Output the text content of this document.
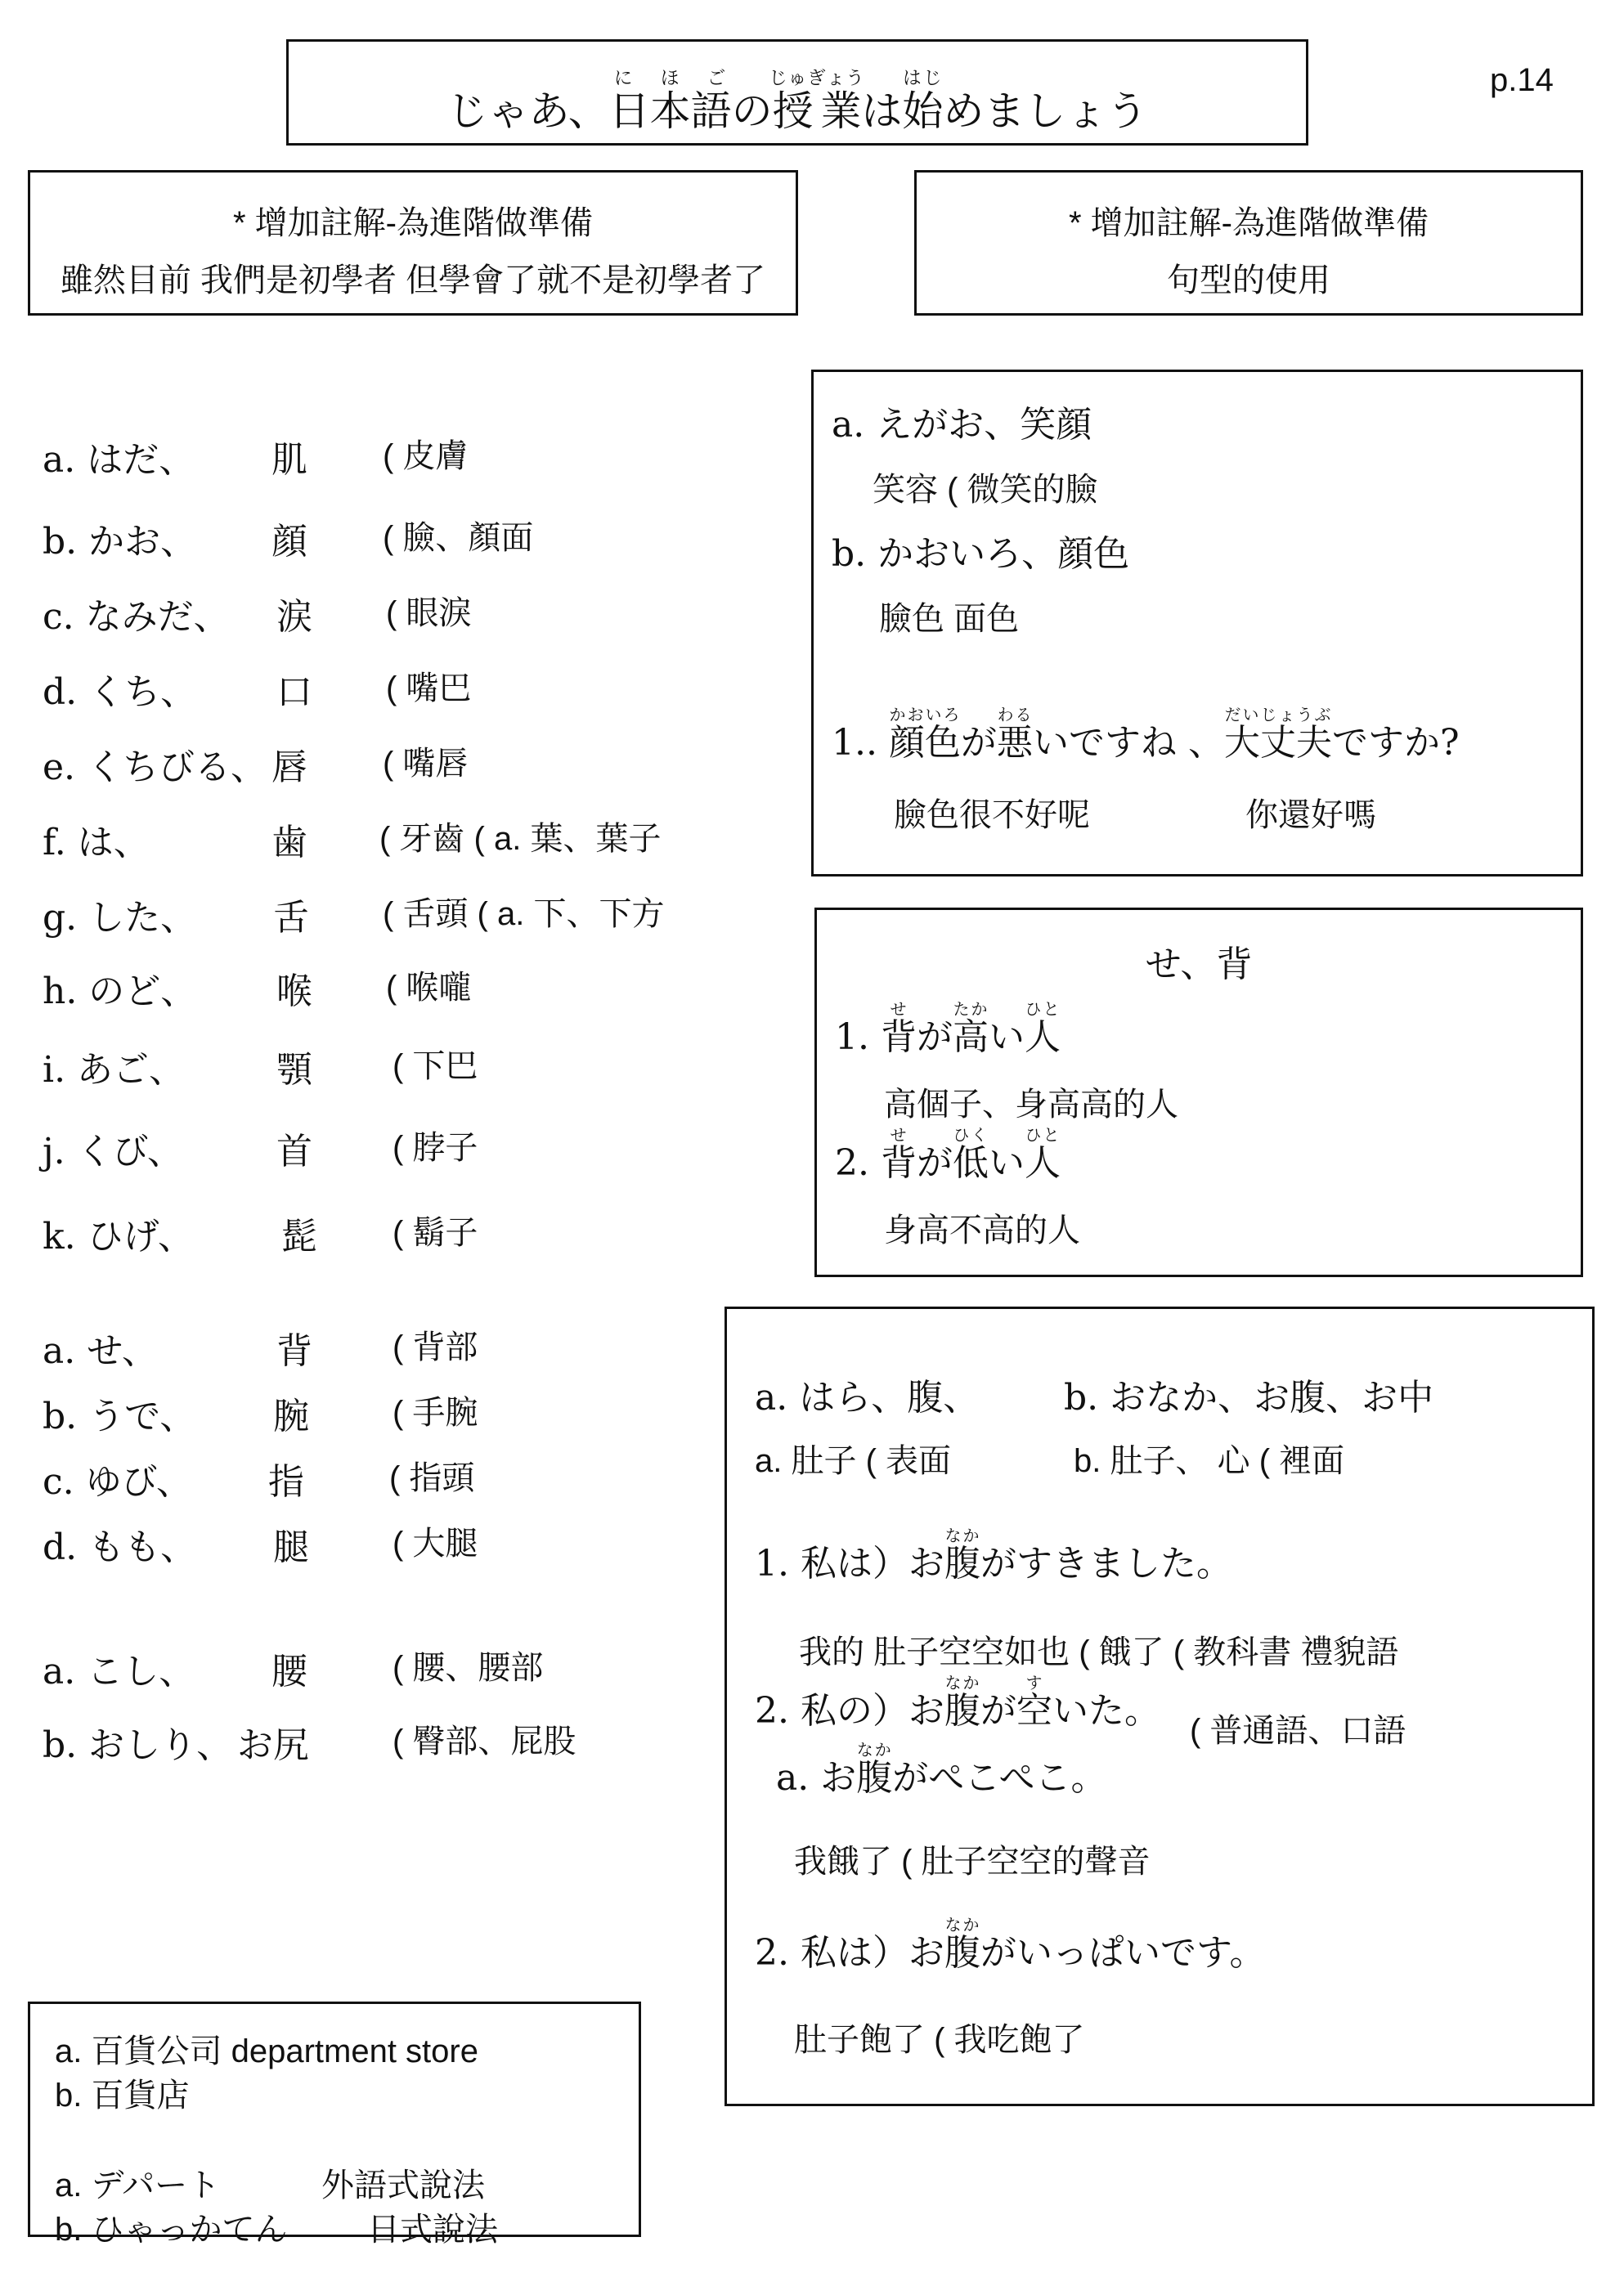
p.14
じゃあ、日本語に ほ ごの授業じゅぎょうは始はじめましょう
* 增加註解-為進階做準備
雖然目前 我們是初學者 但學會了就不是初學者了
* 增加註解-為進階做準備
句型的使用
a. はだ、 肌 ( 皮膚
b. かお、 顔 ( 臉、顏面
c. なみだ、 涙 ( 眼淚
d. くち、 口 ( 嘴巴
e. くちびる、 唇 ( 嘴唇
f. は、	歯 ( 牙齒 ( a. 葉、葉子
g. した、 舌 ( 舌頭 ( a. 下、下方
h. のど、 喉 ( 喉嚨
i. あご、	顎 ( 下巴
j. くび、	首 ( 脖子
k. ひげ、 髭 ( 鬍子
a. せ、	背 ( 背部
b. うで、 腕	( 手腕
c. ゆび、 指	( 指頭
d. もも、 腿	( 大腿
a. こし、 腰	( 腰、腰部
b. おしり、 お尻	( 臀部、屁股
a. えがお、笑顔
笑容 ( 微笑的臉
b. かおいろ、顔色
臉色 面色
1.. 顔色かおいろが悪わるいですね 、大丈夫だいじょうぶですか?
臉色很不好呢	你還好嗎
せ、背
1. 背せが高たかい人ひと
高個子、身高高的人
2. 背せが低ひくい人ひと
身高不高的人
a. はら、腹、 b. おなか、お腹、お中
a. 肚子 ( 表面	b. 肚子、 心 ( 裡面
1. 私は）お腹なかがすきました。
我的 肚子空空如也 ( 餓了 ( 教科書 禮貌語
2. 私の）お腹なかが空すいた。 ( 普通語、口語
a. お腹なかがぺこぺこ。
我餓了 ( 肚子空空的聲音
2. 私は）お腹なかがいっぱいです。
肚子飽了 ( 我吃飽了
a. 百貨公司 department store
b. 百貨店
a. デパート	外語式說法
b. ひゃっかてん 日式說法
